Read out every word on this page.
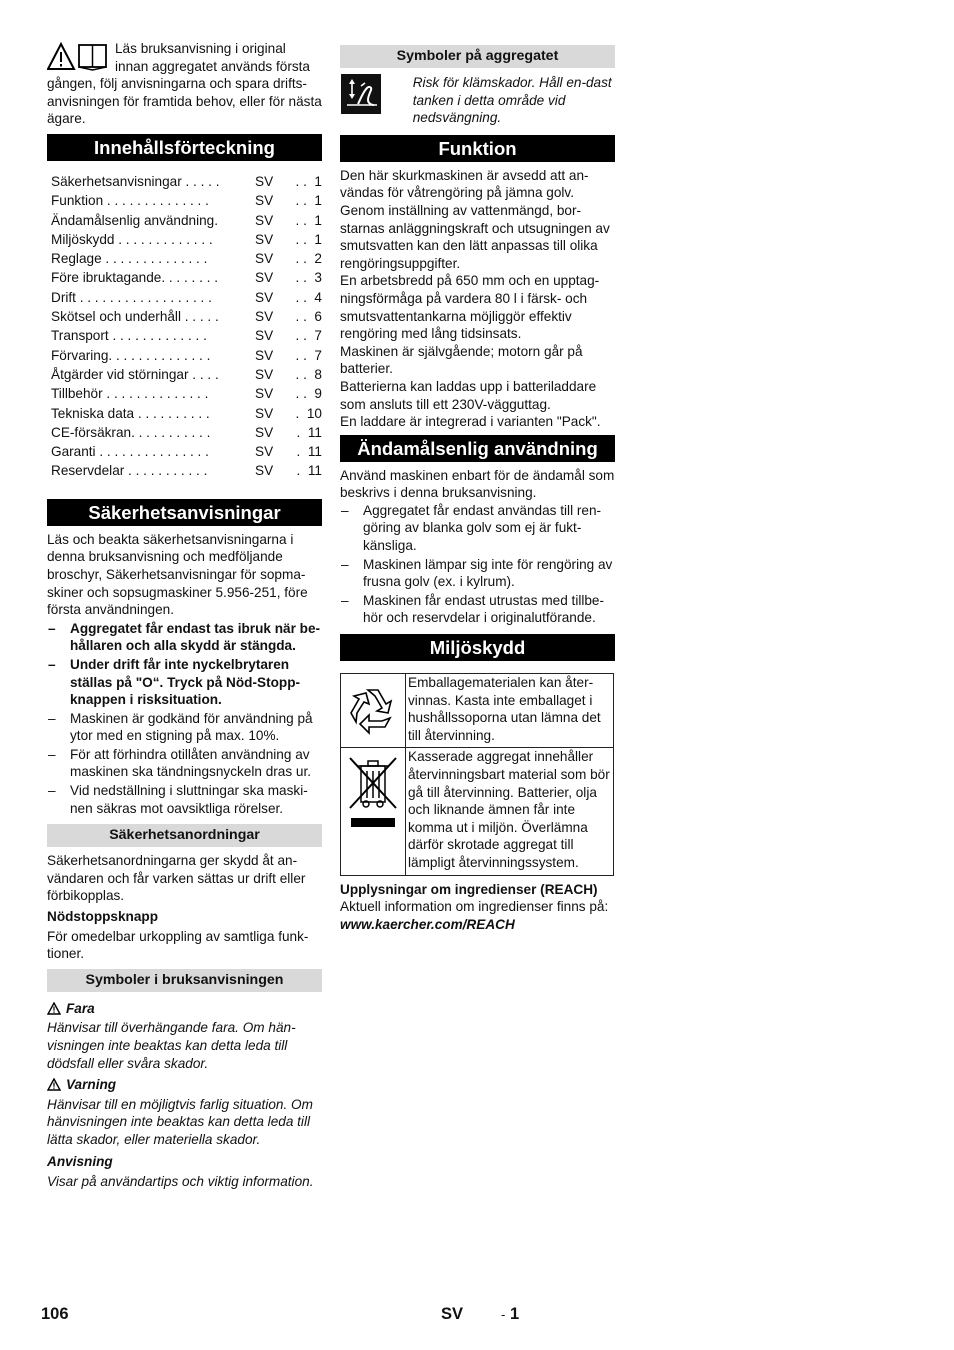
Läs bruksanvisning i original

innan aggregatet används första

gången, följ anvisningarna och spara drifts-anvisningen för framtida behov, eller för nästa ägare.

Innehållsförteckning
Säkerhetsanvisningar . . . . .	SV	. .  1
Funktion . . . . . . . . . . . . . .	SV	. .  1
Ändamålsenlig användning.	SV	. .  1
Miljöskydd . . . . . . . . . . . . .	SV	. .  1
Reglage . . . . . . . . . . . . . .	SV	. .  2
Före ibruktagande. . . . . . . .	SV	. .  3
Drift . . . . . . . . . . . . . . . . . .	SV	. .  4
Skötsel och underhåll . . . . .	SV	. .  6
Transport . . . . . . . . . . . . .	SV	. .  7
Förvaring. . . . . . . . . . . . . .	SV	. .  7
Åtgärder vid störningar . . . .	SV	. .  8
Tillbehör . . . . . . . . . . . . . .	SV	. .  9
Tekniska data . . . . . . . . . .	SV	.  10
CE-försäkran. . . . . . . . . . .	SV	.  11
Garanti . . . . . . . . . . . . . . .	SV	.  11
Reservdelar . . . . . . . . . . .	SV	.  11
Säkerhetsanvisningar

Läs och beakta säkerhetsanvisningarna i denna bruksanvisning och medföljande broschyr, Säkerhetsanvisningar för sopma-skiner och sopsugmaskiner 5.956-251, före första användningen.

– Aggregatet får endast tas ibruk när be-hållaren och alla skydd är stängda.

– Under drift får inte nyckelbrytaren ställas på "O“. Tryck på Nöd-Stopp-knappen i risksituation.

– Maskinen är godkänd för användning på ytor med en stigning på max. 10%.

– För att förhindra otillåten användning av maskinen ska tändningsnyckeln dras ur.

– Vid nedställning i sluttningar ska maski-nen säkras mot oavsiktliga rörelser.

Säkerhetsanordningar

Säkerhetsanordningarna ger skydd åt an-vändaren och får varken sättas ur drift eller förbikopplas.

Nödstoppsknapp

För omedelbar urkoppling av samtliga funk-tioner.

Symboler i bruksanvisningen

Fara

Hänvisar till överhängande fara. Om hän-visningen inte beaktas kan detta leda till dödsfall eller svåra skador.

Varning

Hänvisar till en möjligtvis farlig situation. Om hänvisningen inte beaktas kan detta leda till lätta skador, eller materiella skador.

Anvisning

Visar på användartips och viktig information.

Symboler på aggregatet

Risk för klämskador. Håll en-dast tanken i detta område vid nedsvängning.

Funktion

Den här skurkmaskinen är avsedd att an-vändas för våtrengöring på jämna golv. Genom inställning av vattenmängd, bor-starnas anläggningskraft och utsugningen av smutsvatten kan den lätt anpassas till olika rengöringsuppgifter.

En arbetsbredd på 650 mm och en upptag-ningsförmåga på vardera 80 l i färsk- och smutsvattentankarna möjliggör effektiv rengöring med lång tidsinsats.

Maskinen är självgående; motorn går på batterier.

Batterierna kan laddas upp i batteriladdare som ansluts till ett 230V-vägguttag.

En laddare är integrerad i varianten "Pack".

Ändamålsenlig användning

Använd maskinen enbart för de ändamål som beskrivs i denna bruksanvisning.

– Aggregatet får endast användas till ren-göring av blanka golv som ej är fukt-känsliga.

– Maskinen lämpar sig inte för rengöring av frusna golv (ex. i kylrum).

– Maskinen får endast utrustas med tillbe-hör och reservdelar i originalutförande.

Miljöskydd
	Emballagematerialen kan åter-vinnas. Kasta inte emballaget i hushållssoporna utan lämna det till återvinning.
	Kasserade aggregat innehåller återvinningsbart material som bör gå till återvinning. Batterier, olja och liknande ämnen får inte komma ut i miljön. Överlämna därför skrotade aggregat till lämpligt återvinningssystem.

Upplysningar om ingredienser (REACH)

Aktuell information om ingredienser finns på:

www.kaercher.com/REACH

106	SV	- 1
